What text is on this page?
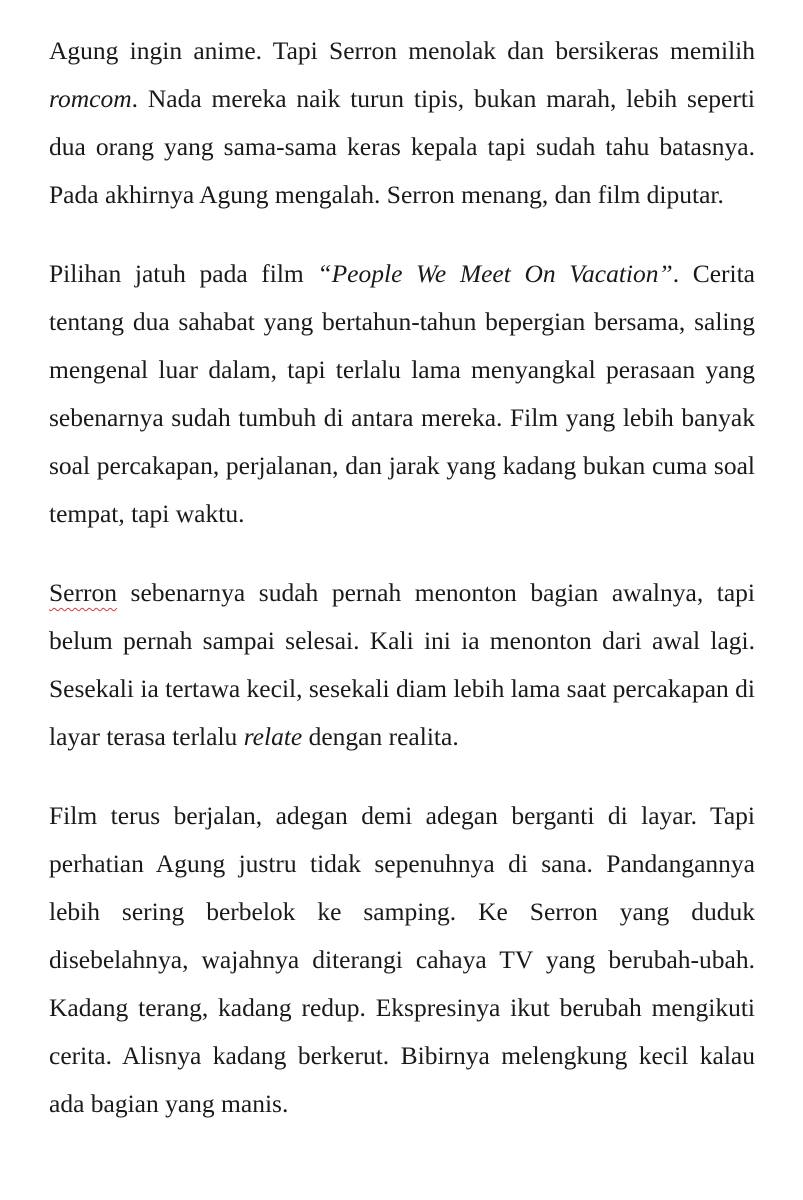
Agung ingin anime. Tapi Serron menolak dan bersikeras memilih romcom. Nada mereka naik turun tipis, bukan marah, lebih seperti dua orang yang sama-sama keras kepala tapi sudah tahu batasnya. Pada akhirnya Agung mengalah. Serron menang, dan film diputar.

Pilihan jatuh pada film “People We Meet On Vacation”. Cerita tentang dua sahabat yang bertahun-tahun bepergian bersama, saling mengenal luar dalam, tapi terlalu lama menyangkal perasaan yang sebenarnya sudah tumbuh di antara mereka. Film yang lebih banyak soal percakapan, perjalanan, dan jarak yang kadang bukan cuma soal tempat, tapi waktu.

Serron sebenarnya sudah pernah menonton bagian awalnya, tapi belum pernah sampai selesai. Kali ini ia menonton dari awal lagi. Sesekali ia tertawa kecil, sesekali diam lebih lama saat percakapan di layar terasa terlalu relate dengan realita.

Film terus berjalan, adegan demi adegan berganti di layar. Tapi perhatian Agung justru tidak sepenuhnya di sana. Pandangannya lebih sering berbelok ke samping. Ke Serron yang duduk disebelahnya, wajahnya diterangi cahaya TV yang berubah-ubah. Kadang terang, kadang redup. Ekspresinya ikut berubah mengikuti cerita. Alisnya kadang berkerut. Bibirnya melengkung kecil kalau ada bagian yang manis.
